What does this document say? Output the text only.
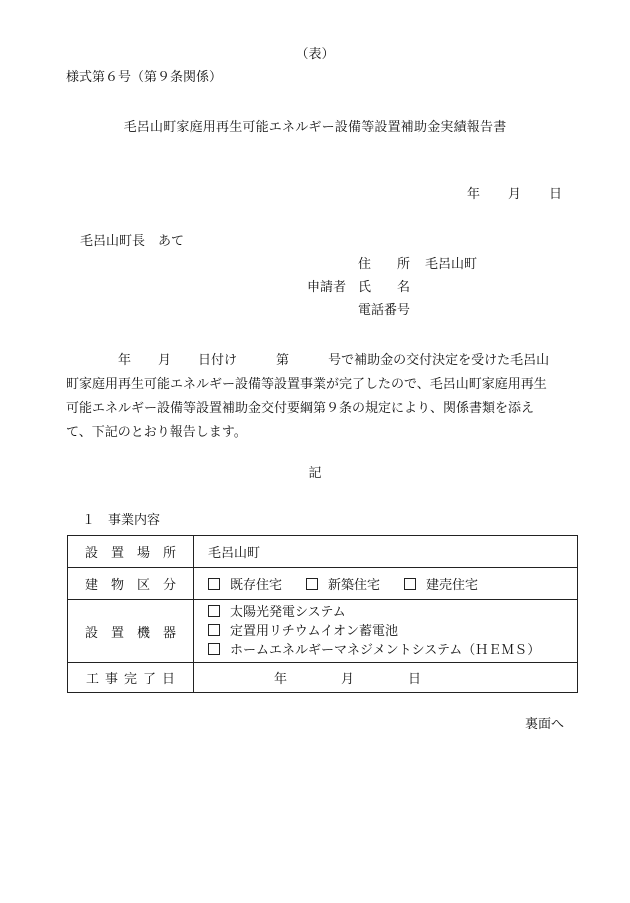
（表）
様式第６号（第９条関係）
毛呂山町家庭用再生可能エネルギー設備等設置補助金実績報告書
年 月 日
毛呂山町長　あて
住　　所 毛呂山町
申請者 氏　　名
電話番号
年 月 日付け	第	号で補助金の交付決定を受けた毛呂山
町家庭用再生可能エネルギー設備等設置事業が完了したので、毛呂山町家庭用再生
可能エネルギー設備等設置補助金交付要綱第９条の規定により、関係書類を添え
て、下記のとおり報告します。
記
１　事業内容
設 置 場 所	毛呂山町
建 物 区 分	既存住宅 新築住宅 建売住宅
設 置 機 器	太陽光発電システム
定置用リチウムイオン蓄電池
ホームエネルギーマネジメントシステム（ＨＥＭＳ）

工 事 完 了 日	年 月 日
裏面へ
